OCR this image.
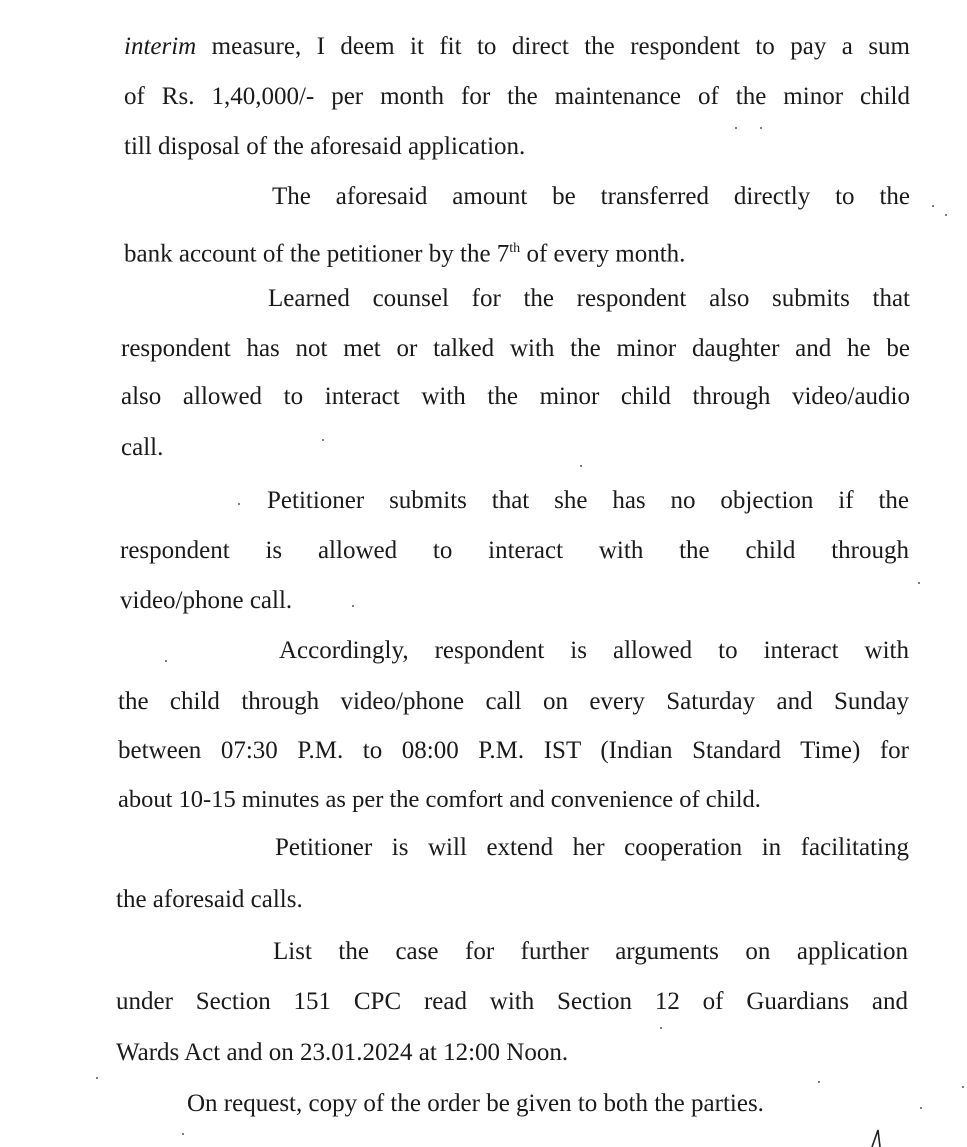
interim measure, I deem it fit to direct the respondent to pay a sum
of Rs. 1,40,000/- per month for the maintenance of the minor child
till disposal of the aforesaid application.
The aforesaid amount be transferred directly to the
bank account of the petitioner by the 7th of every month.
Learned counsel for the respondent also submits that
respondent has not met or talked with the minor daughter and he be
also allowed to interact with the minor child through video/audio
call.
Petitioner submits that she has no objection if the
respondent is allowed to interact with the child through
video/phone call.
Accordingly, respondent is allowed to interact with
the child through video/phone call on every Saturday and Sunday
between 07:30 P.M. to 08:00 P.M. IST (Indian Standard Time) for
about 10-15 minutes as per the comfort and convenience of child.
Petitioner is will extend her cooperation in facilitating
the aforesaid calls.
List the case for further arguments on application
under Section 151 CPC read with Section 12 of Guardians and
Wards Act and on 23.01.2024 at 12:00 Noon.
On request, copy of the order be given to both the parties.
